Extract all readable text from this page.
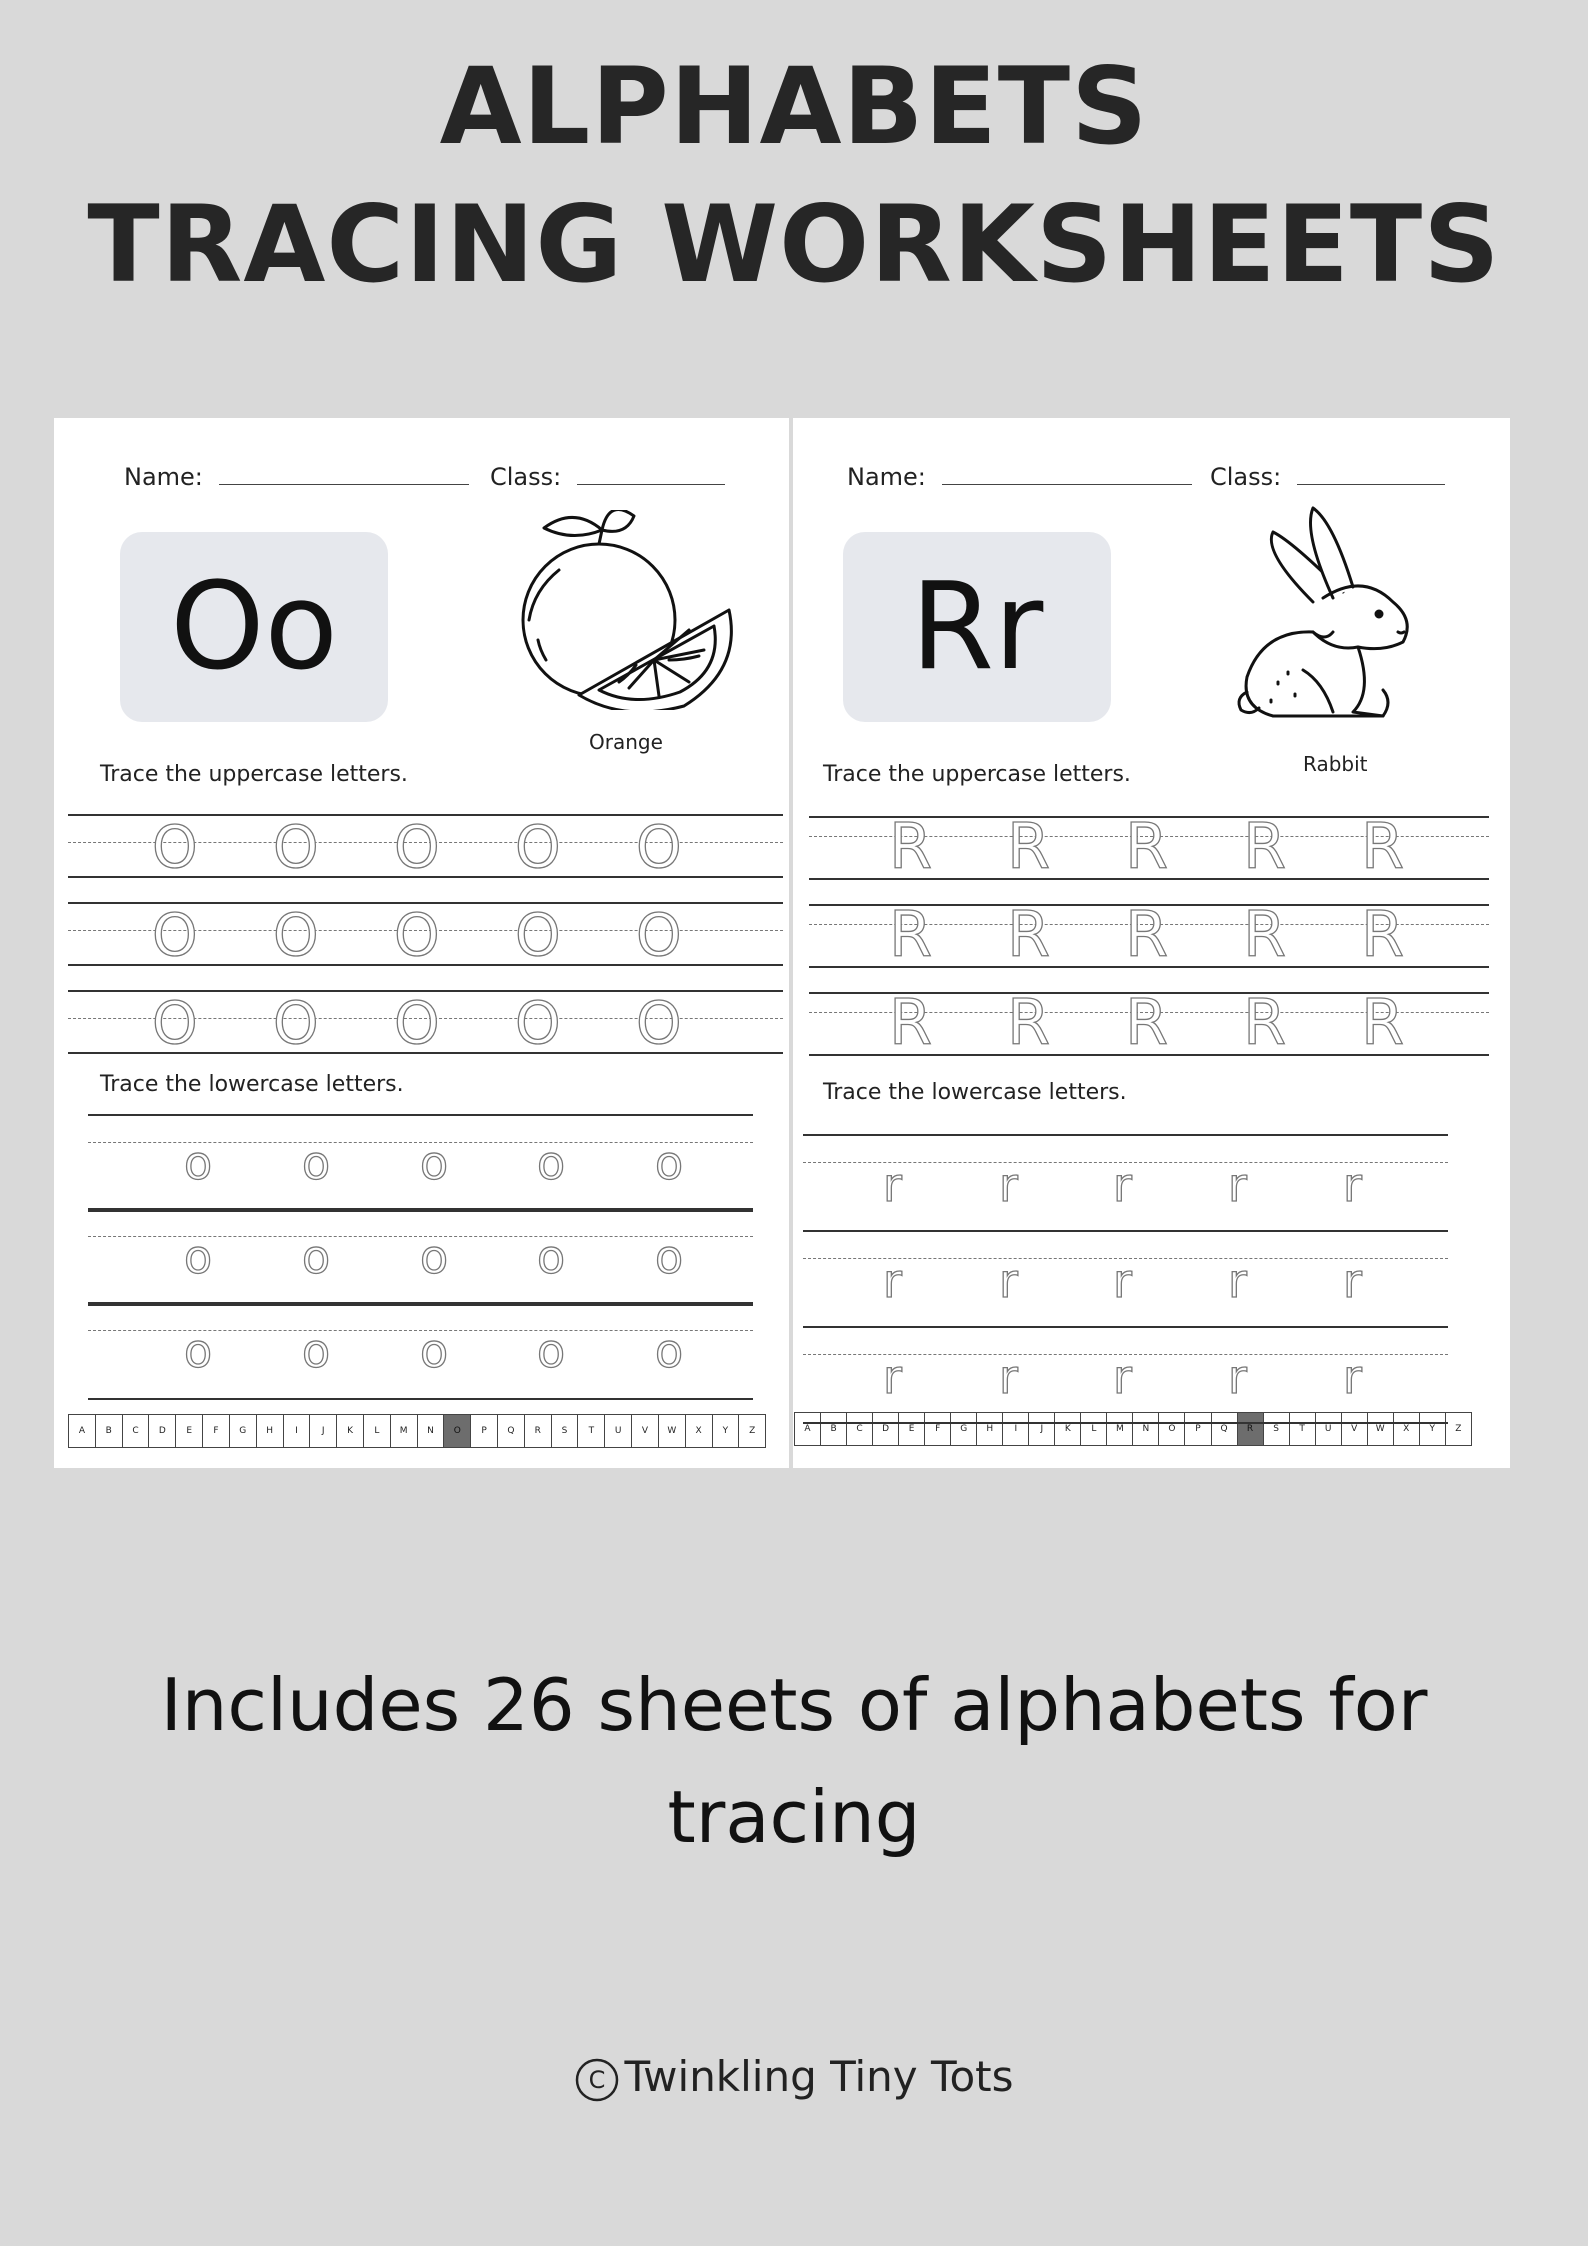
ALPHABETS
TRACING WORKSHEETS
Name:	Class:
Oo
Orange
Trace the uppercase letters.
Trace the lowercase letters.
A	B	C	D	E	F	G	H	I	J	K	L	M	N	O	P	Q	R	S	T	U	V	W	X	Y	Z
O O O O O
O O O O O
O O O O O
o o o o o
o o o o o
o o o o o
Name:	Class:
Rr
Rabbit
Trace the uppercase letters.
Trace the lowercase letters.
A	B	C	D	E	F	G	H	I	J	K	L	M	N	O	P	Q	R	S	T	U	V	W	X	Y	Z
R R R R R
R R R R R
R R R R R
r r r r r
r r r r r
r r r r r

Includes 26 sheets of alphabets for

tracing

C Twinkling Tiny Tots
